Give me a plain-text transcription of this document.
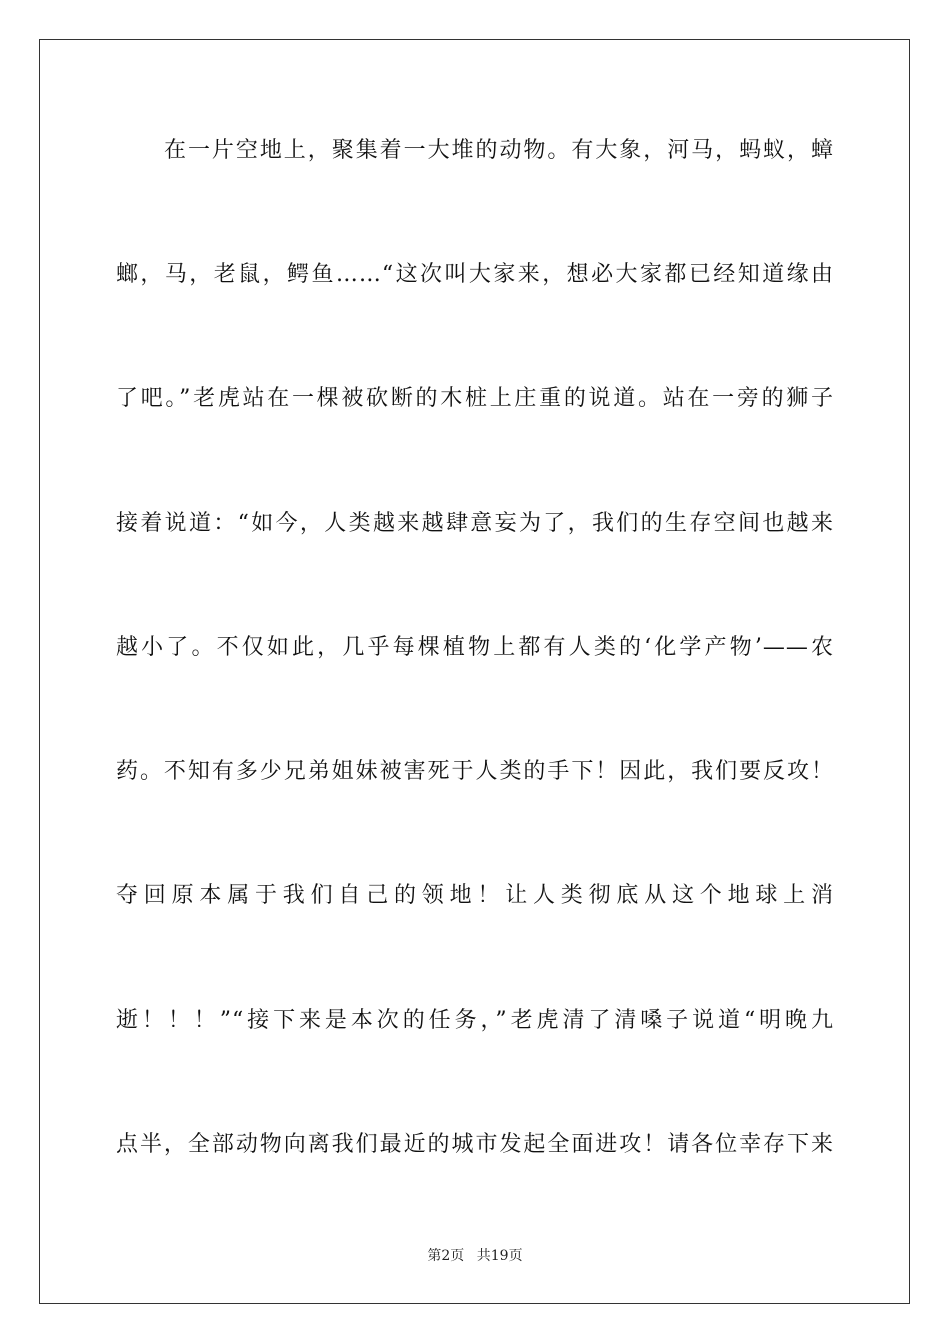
在一片空地上，聚集着一大堆的动物。有大象，河马，蚂蚁，蟑
螂，马，老鼠，鳄鱼……“这次叫大家来，想必大家都已经知道缘由
了吧。”老虎站在一棵被砍断的木桩上庄重的说道。站在一旁的狮子
接着说道：“如今，人类越来越肆意妄为了，我们的生存空间也越来
越小了。不仅如此，几乎每棵植物上都有人类的‘化学产物’——农
药。不知有多少兄弟姐妹被害死于人类的手下！因此，我们要反攻！
夺回原本属于我们自己的领地！让人类彻底从这个地球上消
逝！！！”“接下来是本次的任务，”老虎清了清嗓子说道“明晚九
点半，全部动物向离我们最近的城市发起全面进攻！请各位幸存下来
第2页 共19页
